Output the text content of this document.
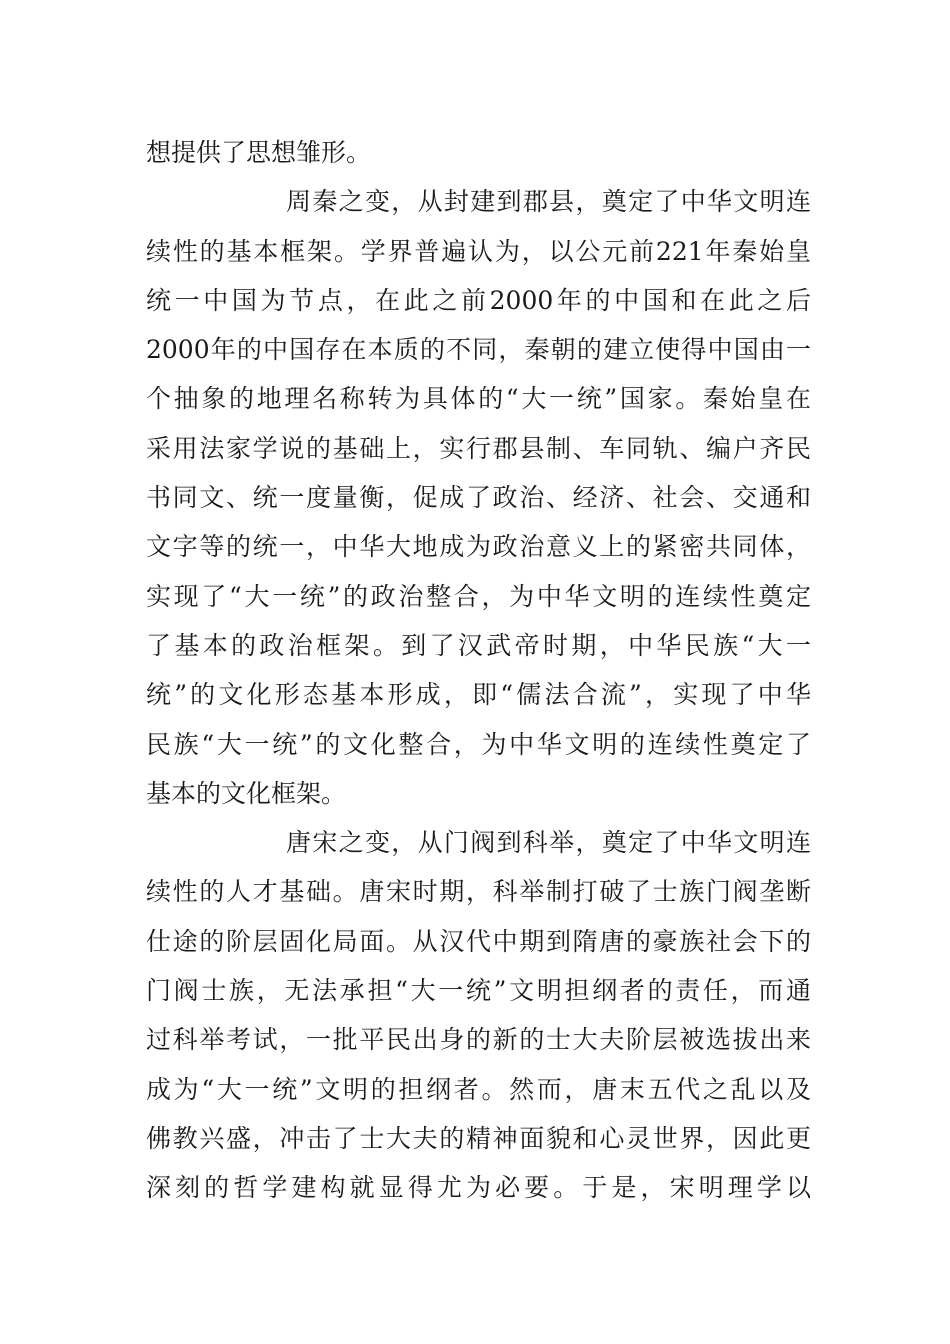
想提供了思想雏形。
周秦之变，从封建到郡县，奠定了中华文明连
续性的基本框架。学界普遍认为，以公元前221年秦始皇
统一中国为节点，在此之前2000年的中国和在此之后
2000年的中国存在本质的不同，秦朝的建立使得中国由一
个抽象的地理名称转为具体的“大一统”国家。秦始皇在
采用法家学说的基础上，实行郡县制、车同轨、编户齐民
书同文、统一度量衡，促成了政治、经济、社会、交通和
文字等的统一，中华大地成为政治意义上的紧密共同体，
实现了“大一统”的政治整合，为中华文明的连续性奠定
了基本的政治框架。到了汉武帝时期，中华民族“大一
统”的文化形态基本形成，即“儒法合流”，实现了中华
民族“大一统”的文化整合，为中华文明的连续性奠定了
基本的文化框架。
唐宋之变，从门阀到科举，奠定了中华文明连
续性的人才基础。唐宋时期，科举制打破了士族门阀垄断
仕途的阶层固化局面。从汉代中期到隋唐的豪族社会下的
门阀士族，无法承担“大一统”文明担纲者的责任，而通
过科举考试，一批平民出身的新的士大夫阶层被选拔出来
成为“大一统”文明的担纲者。然而，唐末五代之乱以及
佛教兴盛，冲击了士大夫的精神面貌和心灵世界，因此更
深刻的哲学建构就显得尤为必要。于是，宋明理学以
